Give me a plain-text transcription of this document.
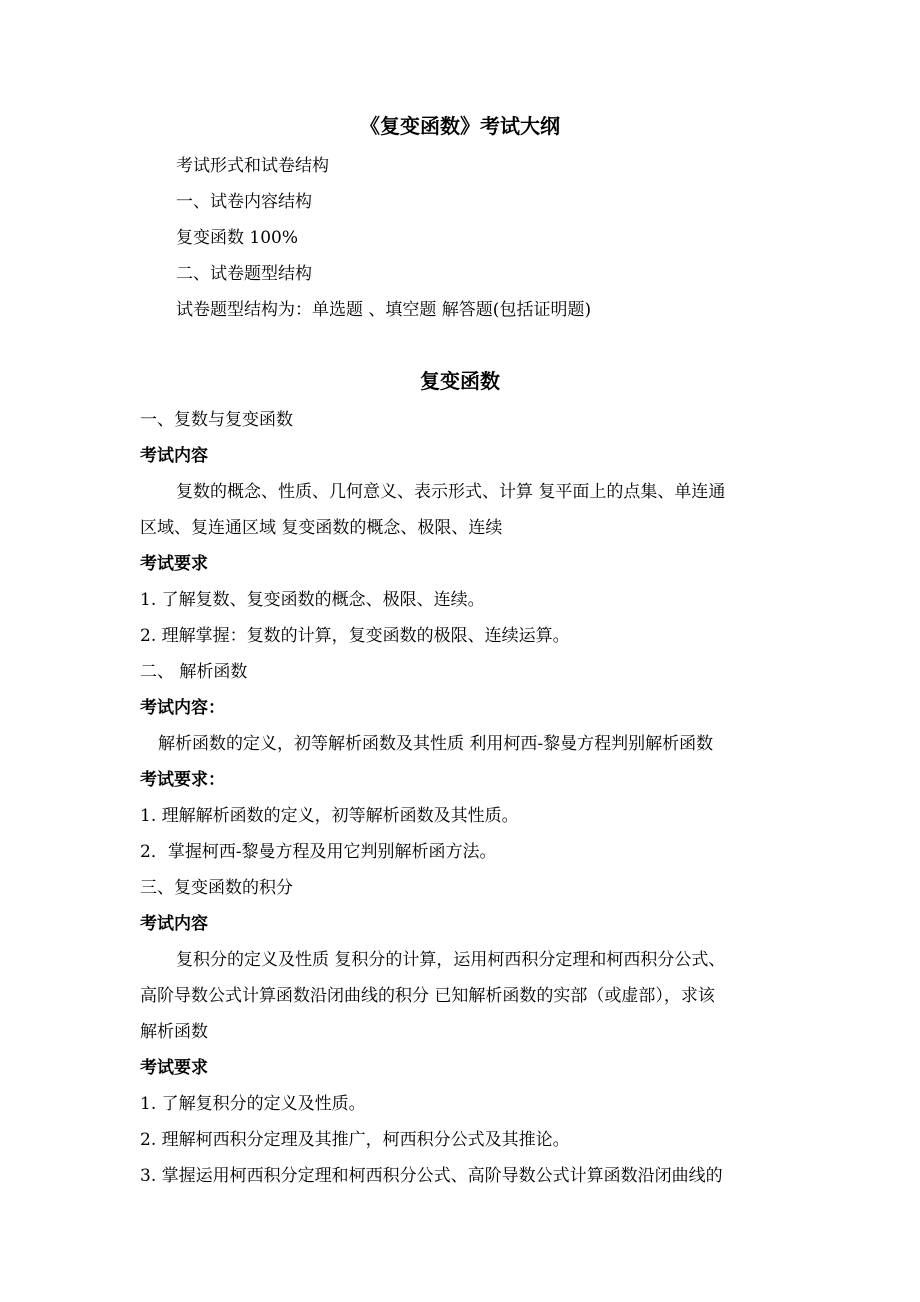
《复变函数》考试大纲
考试形式和试卷结构
一、试卷内容结构
复变函数 100%
二、试卷题型结构
试卷题型结构为：单选题 、填空题 解答题(包括证明题)
复变函数
一、复数与复变函数
考试内容
复数的概念、性质、几何意义、表示形式、计算 复平面上的点集、单连通
区域、复连通区域 复变函数的概念、极限、连续
考试要求
1. 了解复数、复变函数的概念、极限、连续。
2. 理解掌握：复数的计算，复变函数的极限、连续运算。
二、 解析函数
考试内容：
解析函数的定义，初等解析函数及其性质 利用柯西-黎曼方程判别解析函数
考试要求：
1. 理解解析函数的定义，初等解析函数及其性质。
2．掌握柯西-黎曼方程及用它判别解析函方法。
三、复变函数的积分
考试内容
复积分的定义及性质 复积分的计算，运用柯西积分定理和柯西积分公式、
高阶导数公式计算函数沿闭曲线的积分 已知解析函数的实部（或虚部），求该
解析函数
考试要求
1. 了解复积分的定义及性质。
2. 理解柯西积分定理及其推广，柯西积分公式及其推论。
3. 掌握运用柯西积分定理和柯西积分公式、高阶导数公式计算函数沿闭曲线的
